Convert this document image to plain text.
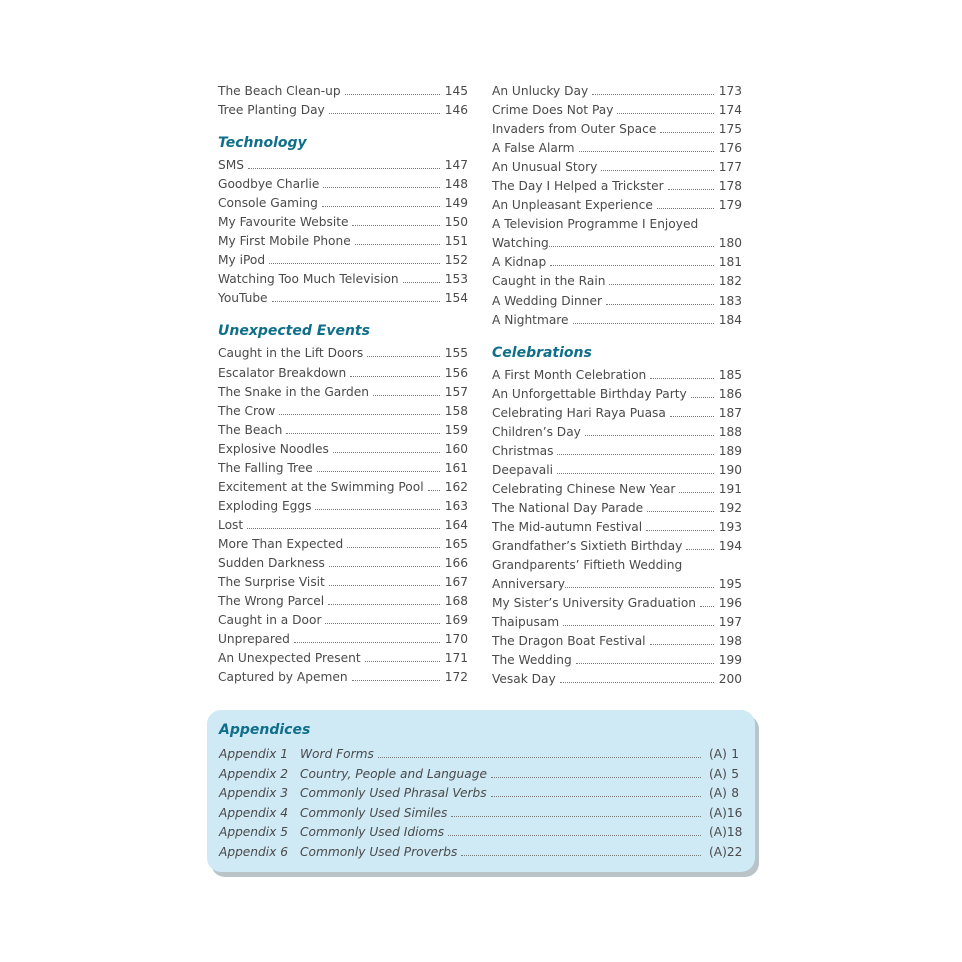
The Beach Clean-up	145
Tree Planting Day	146
Technology
SMS	147
Goodbye Charlie	148
Console Gaming	149
My Favourite Website	150
My First Mobile Phone	151
My iPod	152
Watching Too Much Television	153
YouTube	154
Unexpected Events
Caught in the Lift Doors	155
Escalator Breakdown	156
The Snake in the Garden	157
The Crow	158
The Beach	159
Explosive Noodles	160
The Falling Tree	161
Excitement at the Swimming Pool 162
Exploding Eggs	163
Lost	164
More Than Expected	165
Sudden Darkness	166
The Surprise Visit	167
The Wrong Parcel	168
Caught in a Door	169
Unprepared	170
An Unexpected Present	171
Captured by Apemen	172
An Unlucky Day	173
Crime Does Not Pay	174
Invaders from Outer Space	175
A False Alarm	176
An Unusual Story	177
The Day I Helped a Trickster	178
An Unpleasant Experience	179
A Television Programme I Enjoyed
Watching	180
A Kidnap	181
Caught in the Rain	182
A Wedding Dinner	183
A Nightmare	184
Celebrations
A First Month Celebration	185
An Unforgettable Birthday Party	186
Celebrating Hari Raya Puasa	187
Children’s Day	188
Christmas	189
Deepavali	190
Celebrating Chinese New Year	191
The National Day Parade	192
The Mid-autumn Festival	193
Grandfather’s Sixtieth Birthday	194
Grandparents’ Fiftieth Wedding
Anniversary	195
My Sister’s University Graduation 196
Thaipusam	197
The Dragon Boat Festival	198
The Wedding	199
Vesak Day	200
Appendices
Appendix 1 Word Forms	(A) 1
Appendix 2 Country, People and Language	(A) 5
Appendix 3 Commonly Used Phrasal Verbs	(A) 8
Appendix 4 Commonly Used Similes	(A) 16
Appendix 5 Commonly Used Idioms	(A) 18
Appendix 6 Commonly Used Proverbs	(A) 22
